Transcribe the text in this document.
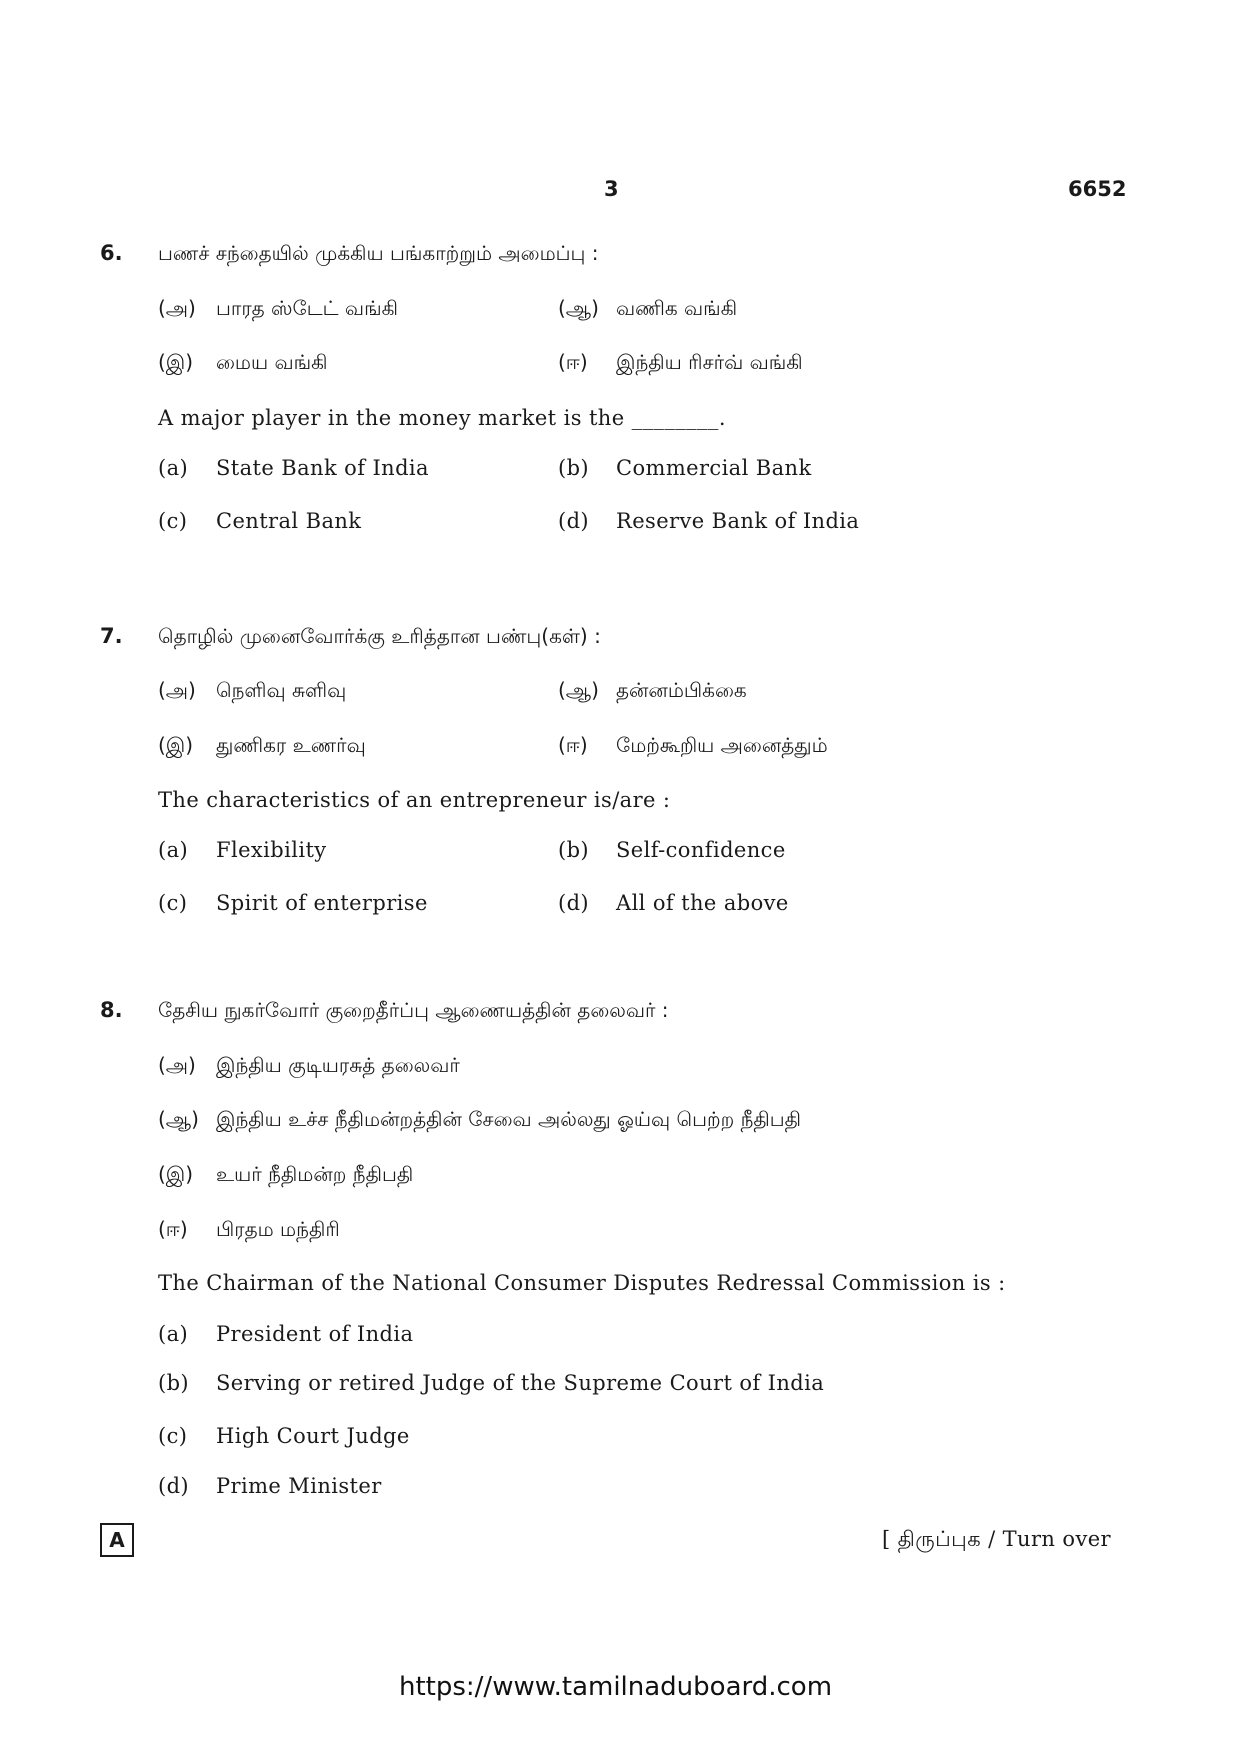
3	6652
6. பணச் சந்தையில் முக்கிய பங்காற்றும் அமைப்பு :
(அ) பாரத ஸ்டேட் வங்கி	(ஆ) வணிக வங்கி
(இ) மைய வங்கி	(ஈ) இந்திய ரிசர்வ் வங்கி
A major player in the money market is the ________.
(a) State Bank of India	(b) Commercial Bank
(c) Central Bank	(d) Reserve Bank of India
7. தொழில் முனைவோர்க்கு உரித்தான பண்பு(கள்) :
(அ) நெளிவு சுளிவு	(ஆ) தன்னம்பிக்கை
(இ) துணிகர உணர்வு	(ஈ) மேற்கூறிய அனைத்தும்
The characteristics of an entrepreneur is/are :
(a) Flexibility	(b) Self-confidence
(c) Spirit of enterprise	(d) All of the above
8. தேசிய நுகர்வோர் குறைதீர்ப்பு ஆணையத்தின் தலைவர் :
(அ) இந்திய குடியரசுத் தலைவர்
(ஆ) இந்திய உச்ச நீதிமன்றத்தின் சேவை அல்லது ஓய்வு பெற்ற நீதிபதி
(இ) உயர் நீதிமன்ற நீதிபதி
(ஈ) பிரதம மந்திரி
The Chairman of the National Consumer Disputes Redressal Commission is :
(a) President of India
(b) Serving or retired Judge of the Supreme Court of India
(c) High Court Judge
(d) Prime Minister
A	[ திருப்புக / Turn over
https://www.tamilnaduboard.com
